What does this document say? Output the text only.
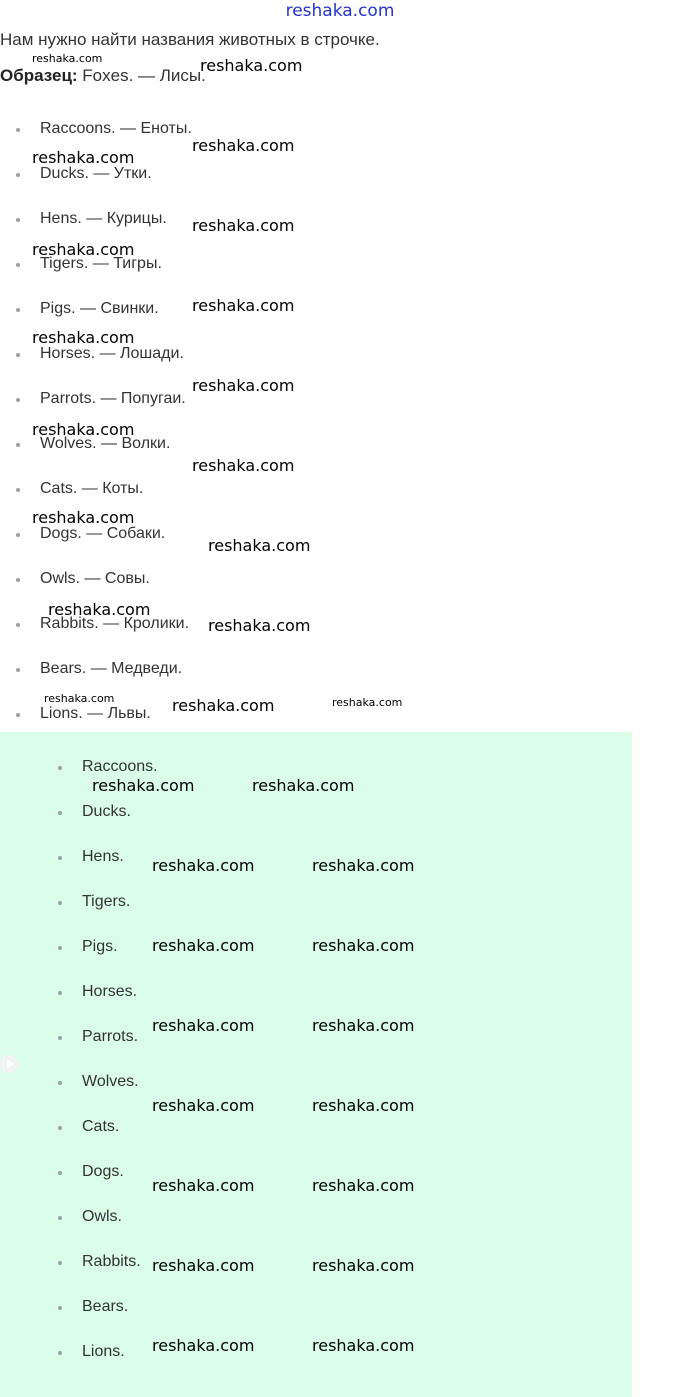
reshaka.com
Нам нужно найти названия животных в строчке.
Образец: Foxes. — Лисы.
Raccoons. — Еноты.
Ducks. — Утки.
Hens. — Курицы.
Tigers. — Тигры.
Pigs. — Свинки.
Horses. — Лошади.
Parrots. — Попугаи.
Wolves. — Волки.
Cats. — Коты.
Dogs. — Собаки.
Owls. — Совы.
Rabbits. — Кролики.
Bears. — Медведи.
Lions. — Львы.
Raccoons.
Ducks.
Hens.
Tigers.
Pigs.
Horses.
Parrots.
Wolves.
Cats.
Dogs.
Owls.
Rabbits.
Bears.
Lions.
reshaka.com
reshaka.com
reshaka.com
reshaka.com
reshaka.com
reshaka.com
reshaka.com
reshaka.com
reshaka.com
reshaka.com
reshaka.com
reshaka.com
reshaka.com
reshaka.com
reshaka.com
reshaka.com	reshaka.com	reshaka.com
reshaka.com	reshaka.com
reshaka.com	reshaka.com
reshaka.com	reshaka.com
reshaka.com	reshaka.com
reshaka.com	reshaka.com
reshaka.com	reshaka.com
reshaka.com	reshaka.com
reshaka.com	reshaka.com
